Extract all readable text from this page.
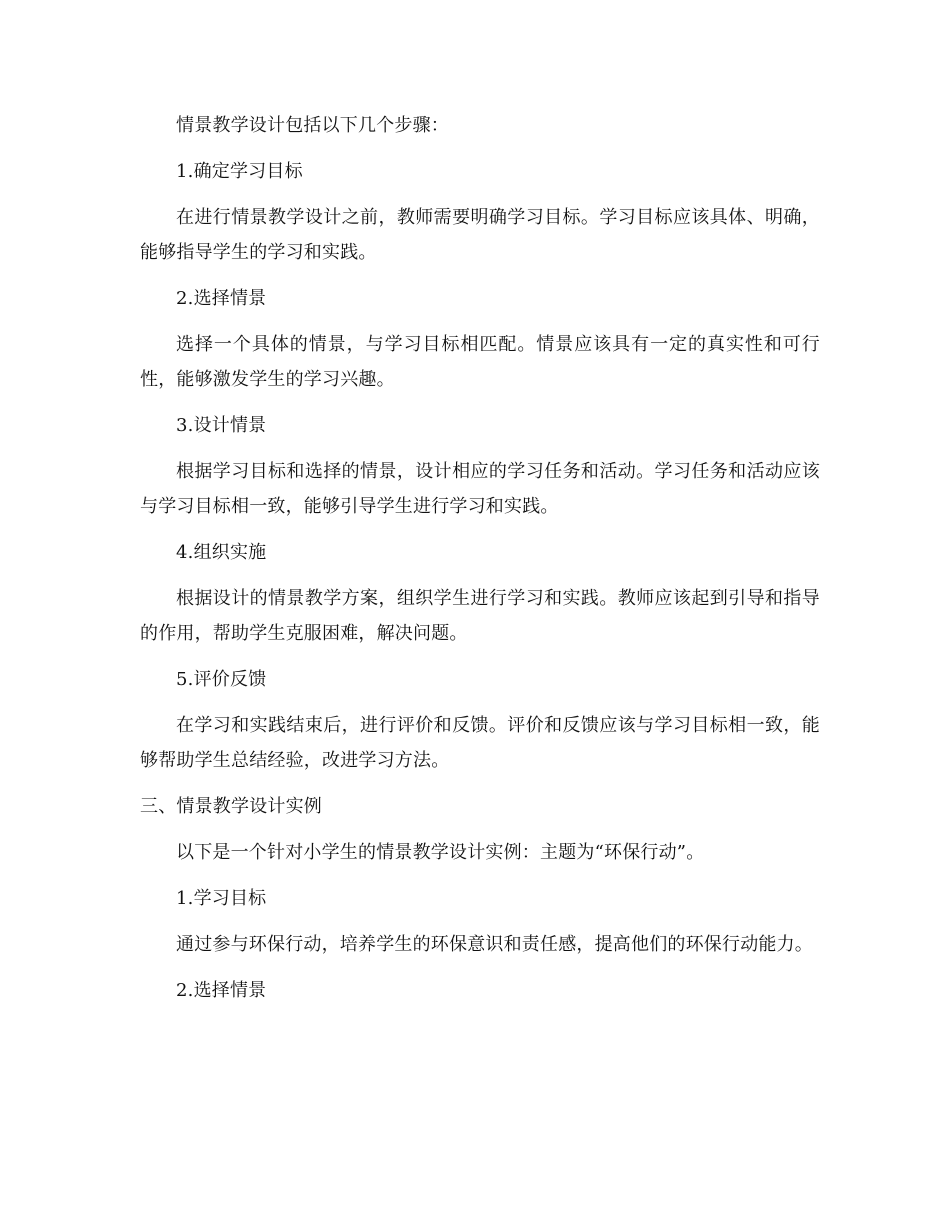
情景教学设计包括以下几个步骤：

1.确定学习目标

在进行情景教学设计之前，教师需要明确学习目标。学习目标应该具体、明确，能够指导学生的学习和实践。

2.选择情景

选择一个具体的情景，与学习目标相匹配。情景应该具有一定的真实性和可行性，能够激发学生的学习兴趣。

3.设计情景

根据学习目标和选择的情景，设计相应的学习任务和活动。学习任务和活动应该与学习目标相一致，能够引导学生进行学习和实践。

4.组织实施

根据设计的情景教学方案，组织学生进行学习和实践。教师应该起到引导和指导的作用，帮助学生克服困难，解决问题。

5.评价反馈

在学习和实践结束后，进行评价和反馈。评价和反馈应该与学习目标相一致，能够帮助学生总结经验，改进学习方法。

三、情景教学设计实例

以下是一个针对小学生的情景教学设计实例：主题为“环保行动”。

1.学习目标

通过参与环保行动，培养学生的环保意识和责任感，提高他们的环保行动能力。

2.选择情景
